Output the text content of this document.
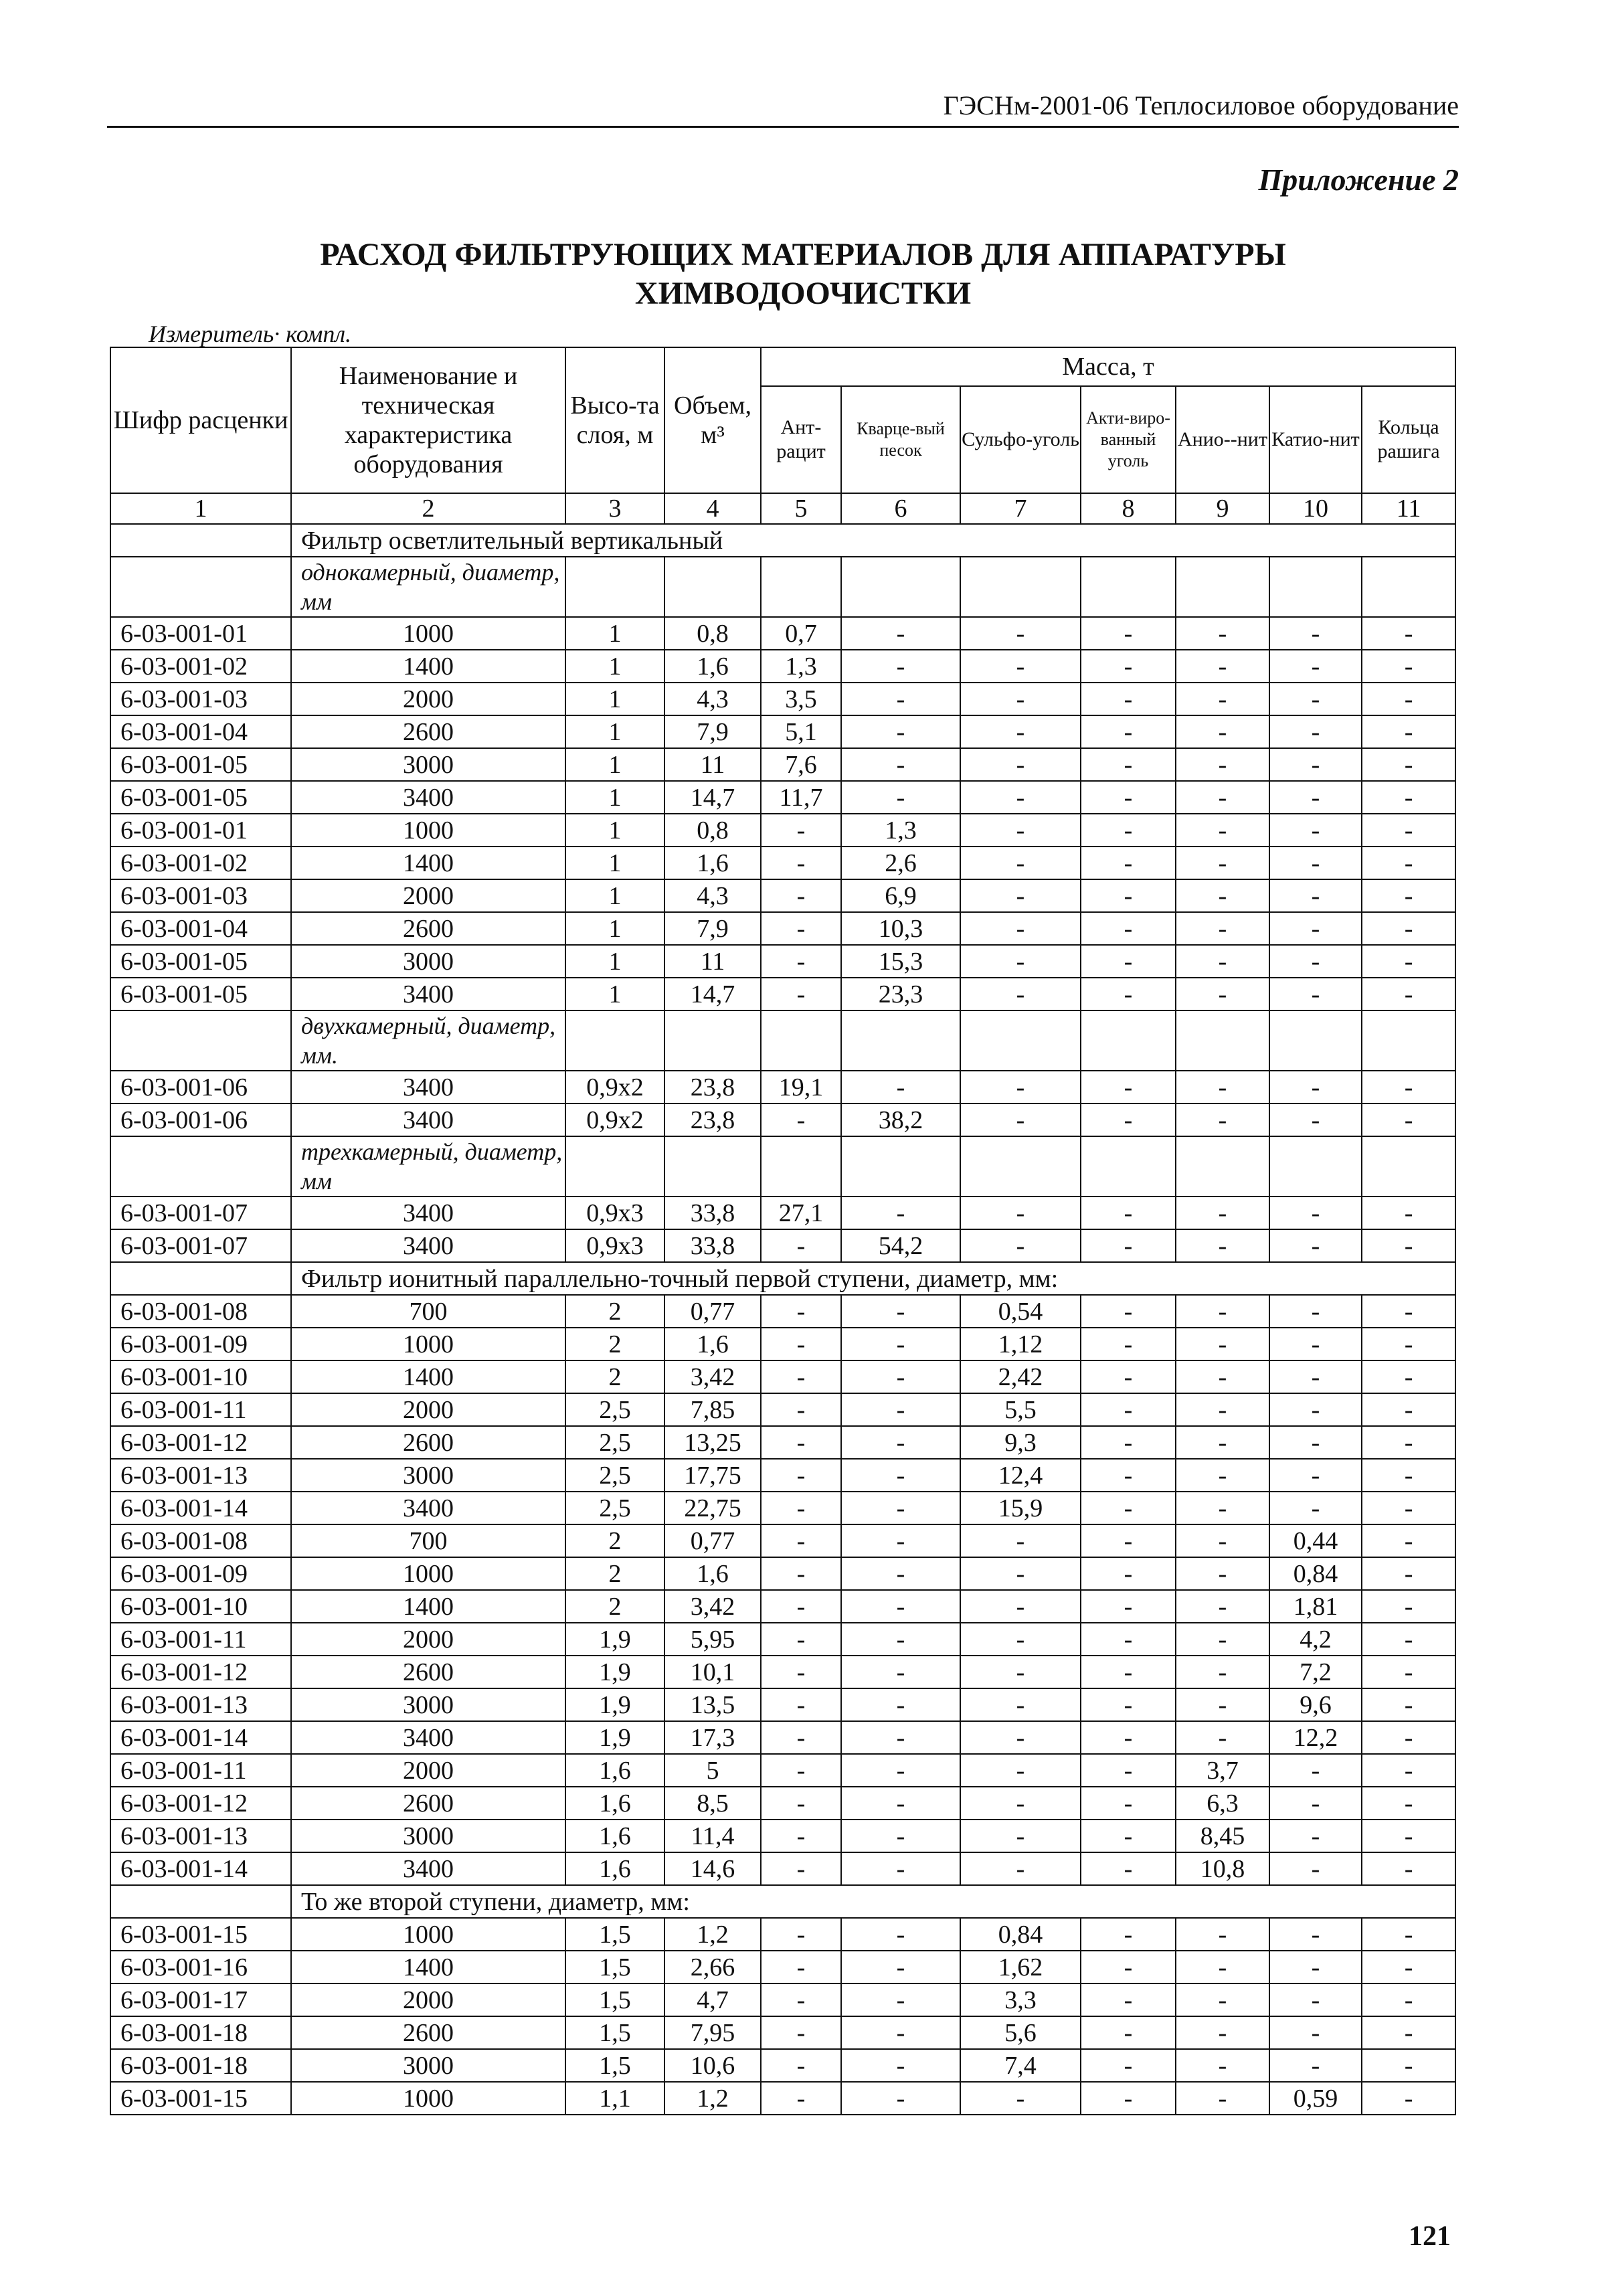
ГЭСНм-2001-06 Теплосиловое оборудование
Приложение 2
РАСХОД ФИЛЬТРУЮЩИХ МАТЕРИАЛОВ ДЛЯ АППАРАТУРЫ
ХИМВОДООЧИСТКИ
Измеритель· компл.
Шифр расценки	Наименование и техническая характеристика оборудования	Высо-та слоя, м	Объем, м³	Масса, т						
				Ант-рацит	Кварце-вый песок	Сульфо-уголь	Акти-виро-ванный уголь	Анио--нит	Катио-нит	Кольца рашига
1	2	3	4	5	6	7	8	9	10	11
	Фильтр осветлительный вертикальный									
	однокамерный, диаметр, мм									
6-03-001-01	1000	1	0,8	0,7	-	-	-	-	-	-
6-03-001-02	1400	1	1,6	1,3	-	-	-	-	-	-
6-03-001-03	2000	1	4,3	3,5	-	-	-	-	-	-
6-03-001-04	2600	1	7,9	5,1	-	-	-	-	-	-
6-03-001-05	3000	1	11	7,6	-	-	-	-	-	-
6-03-001-05	3400	1	14,7	11,7	-	-	-	-	-	-
6-03-001-01	1000	1	0,8	-	1,3	-	-	-	-	-
6-03-001-02	1400	1	1,6	-	2,6	-	-	-	-	-
6-03-001-03	2000	1	4,3	-	6,9	-	-	-	-	-
6-03-001-04	2600	1	7,9	-	10,3	-	-	-	-	-
6-03-001-05	3000	1	11	-	15,3	-	-	-	-	-
6-03-001-05	3400	1	14,7	-	23,3	-	-	-	-	-
	двухкамерный, диаметр, мм.									
6-03-001-06	3400	0,9x2	23,8	19,1	-	-	-	-	-	-
6-03-001-06	3400	0,9x2	23,8	-	38,2	-	-	-	-	-
	трехкамерный, диаметр, мм									
6-03-001-07	3400	0,9x3	33,8	27,1	-	-	-	-	-	-
6-03-001-07	3400	0,9x3	33,8	-	54,2	-	-	-	-	-
	Фильтр ионитный параллельно-точный первой ступени, диаметр, мм:									
6-03-001-08	700	2	0,77	-	-	0,54	-	-	-	-
6-03-001-09	1000	2	1,6	-	-	1,12	-	-	-	-
6-03-001-10	1400	2	3,42	-	-	2,42	-	-	-	-
6-03-001-11	2000	2,5	7,85	-	-	5,5	-	-	-	-
6-03-001-12	2600	2,5	13,25	-	-	9,3	-	-	-	-
6-03-001-13	3000	2,5	17,75	-	-	12,4	-	-	-	-
6-03-001-14	3400	2,5	22,75	-	-	15,9	-	-	-	-
6-03-001-08	700	2	0,77	-	-	-	-	-	0,44	-
6-03-001-09	1000	2	1,6	-	-	-	-	-	0,84	-
6-03-001-10	1400	2	3,42	-	-	-	-	-	1,81	-
6-03-001-11	2000	1,9	5,95	-	-	-	-	-	4,2	-
6-03-001-12	2600	1,9	10,1	-	-	-	-	-	7,2	-
6-03-001-13	3000	1,9	13,5	-	-	-	-	-	9,6	-
6-03-001-14	3400	1,9	17,3	-	-	-	-	-	12,2	-
6-03-001-11	2000	1,6	5	-	-	-	-	3,7	-	-
6-03-001-12	2600	1,6	8,5	-	-	-	-	6,3	-	-
6-03-001-13	3000	1,6	11,4	-	-	-	-	8,45	-	-
6-03-001-14	3400	1,6	14,6	-	-	-	-	10,8	-	-
	То же второй ступени, диаметр, мм:									
6-03-001-15	1000	1,5	1,2	-	-	0,84	-	-	-	-
6-03-001-16	1400	1,5	2,66	-	-	1,62	-	-	-	-
6-03-001-17	2000	1,5	4,7	-	-	3,3	-	-	-	-
6-03-001-18	2600	1,5	7,95	-	-	5,6	-	-	-	-
6-03-001-18	3000	1,5	10,6	-	-	7,4	-	-	-	-
6-03-001-15	1000	1,1	1,2	-	-	-	-	-	0,59	-
121
